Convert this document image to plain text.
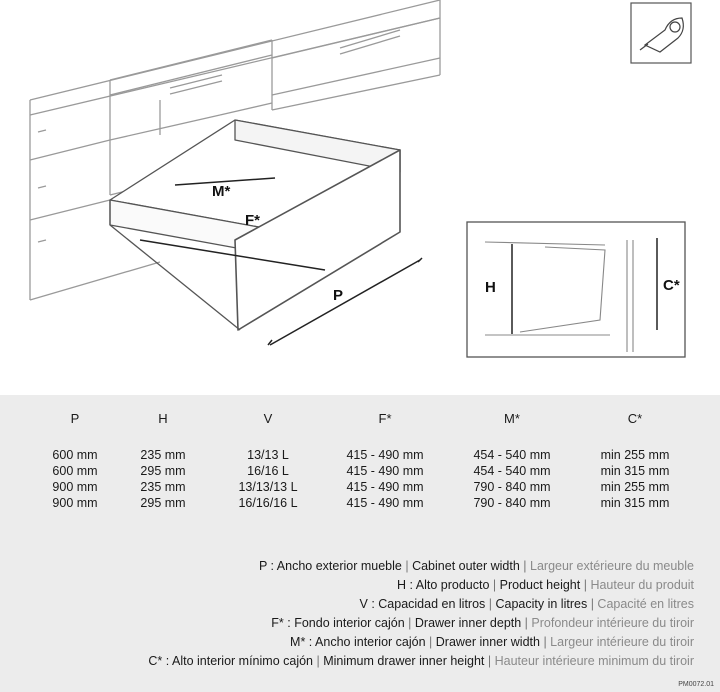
M*
F*
P	H	C*
P	H	V	F*	M*	C*
600 mm	235 mm	13/13 L	415 - 490 mm	454 - 540 mm	min 255 mm
600 mm	295 mm	16/16 L	415 - 490 mm	454 - 540 mm	min 315 mm
900 mm	235 mm	13/13/13 L	415 - 490 mm	790 - 840 mm	min 255 mm
900 mm	295 mm	16/16/16 L	415 - 490 mm	790 - 840 mm	min 315 mm
P : Ancho exterior mueble | Cabinet outer width | Largeur extérieure du meuble
H : Alto producto | Product height | Hauteur du produit
V : Capacidad en litros | Capacity in litres | Capacité en litres
F* : Fondo interior cajón | Drawer inner depth | Profondeur intérieure du tiroir
M* : Ancho interior cajón | Drawer inner width | Largeur intérieure du tiroir
C* : Alto interior mínimo cajón | Minimum drawer inner height | Hauteur intérieure minimum du tiroir
PM0072.01
